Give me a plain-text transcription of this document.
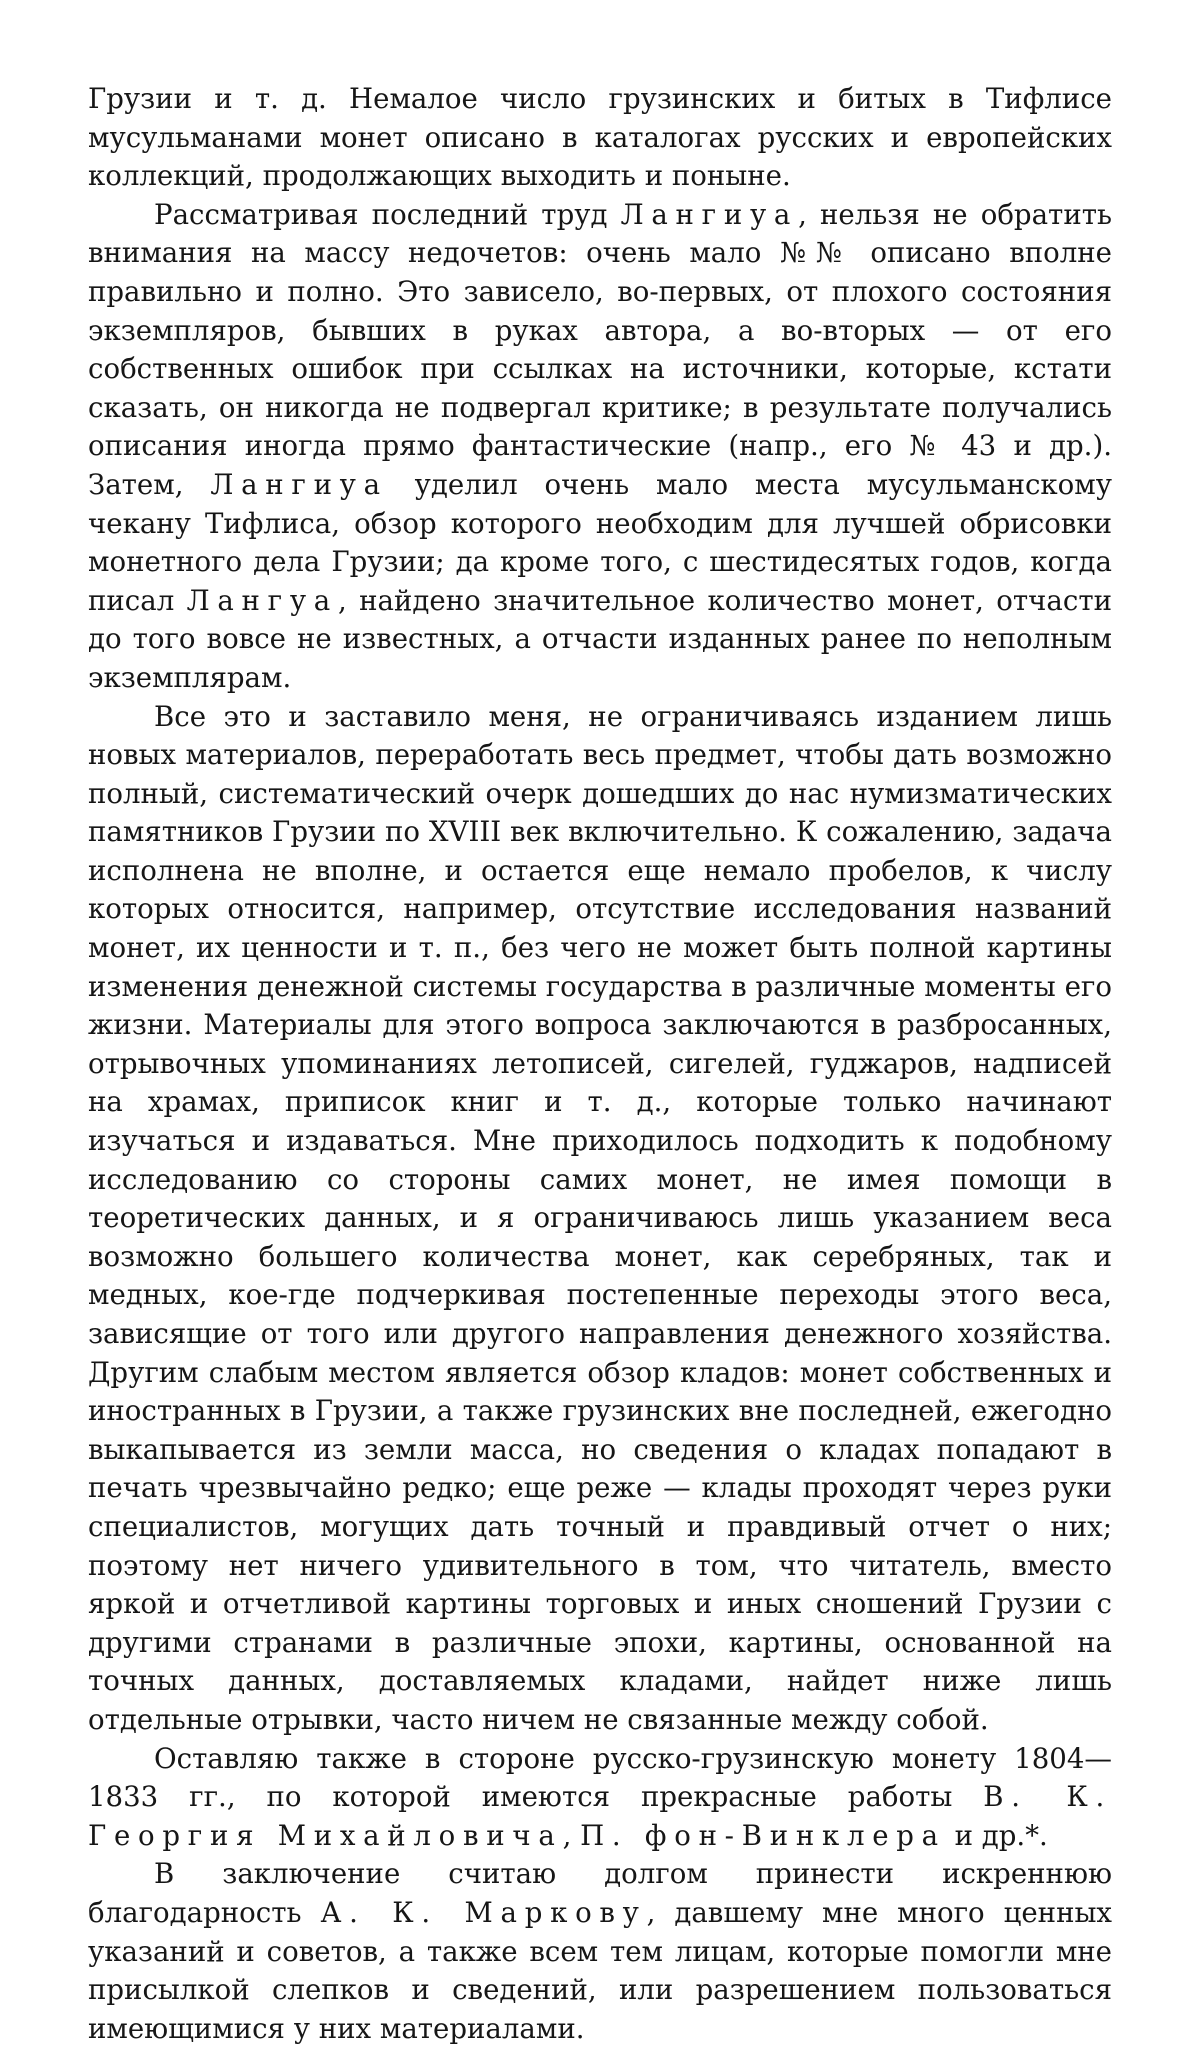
Грузии и т. д. Немалое число грузинских и битых в Тифлисе мусульманами монет описано в каталогах русских и европейских коллекций, продолжающих выходить и поныне.

Рассматривая последний труд Лангиуа, нельзя не обратить внимания на массу недочетов: очень мало №№ описано вполне правильно и полно. Это зависело, во-первых, от плохого состояния экземпляров, бывших в руках автора, а во-вторых — от его собственных ошибок при ссылках на источники, которые, кстати сказать, он никогда не подвергал критике; в результате получались описания иногда прямо фантастические (напр., его № 43 и др.). Затем, Лангиуа уделил очень мало места мусульманскому чекану Тифлиса, обзор которого необходим для лучшей обрисовки монетного дела Грузии; да кроме того, с шестидесятых годов, когда писал Лангуа, найдено значительное количество монет, отчасти до того вовсе не известных, а отчасти изданных ранее по неполным экземплярам.

Все это и заставило меня, не ограничиваясь изданием лишь новых материалов, переработать весь предмет, чтобы дать возможно полный, систематический очерк дошедших до нас нумизматических памятников Грузии по XVIII век включительно. К сожалению, задача исполнена не вполне, и остается еще немало пробелов, к числу которых относится, например, отсутствие исследования названий монет, их ценности и т. п., без чего не может быть полной картины изменения денежной системы государства в различные моменты его жизни. Материалы для этого вопроса заключаются в разбросанных, отрывочных упоминаниях летописей, сигелей, гуджаров, надписей на храмах, приписок книг и т. д., которые только начинают изучаться и издаваться. Мне приходилось подходить к подобному исследованию со стороны самих монет, не имея помощи в теоретических данных, и я ограничиваюсь лишь указанием веса возможно большего количества монет, как серебряных, так и медных, кое-где подчеркивая постепенные переходы этого веса, зависящие от того или другого направления денежного хозяйства. Другим слабым местом является обзор кладов: монет собственных и иностранных в Грузии, а также грузинских вне последней, ежегодно выкапывается из земли масса, но сведения о кладах попадают в печать чрезвычайно редко; еще реже — клады проходят через руки специалистов, могущих дать точный и правдивый отчет о них; поэтому нет ничего удивительного в том, что читатель, вместо яркой и отчетливой картины торговых и иных сношений Грузии с другими странами в различные эпохи, картины, основанной на точных данных, доставляемых кладами, найдет ниже лишь отдельные отрывки, часто ничем не связанные между собой.

Оставляю также в стороне русско-грузинскую монету 1804—1833 гг., по которой имеются прекрасные работы В. К. Георгия Михайловича, П. фон-Винклера и др.*.

В заключение считаю долгом принести искреннюю благодарность А. К. Маркову, давшему мне много ценных указаний и советов, а также всем тем лицам, которые помогли мне присылкой слепков и сведений, или разрешением пользоваться имеющимися у них материалами.
